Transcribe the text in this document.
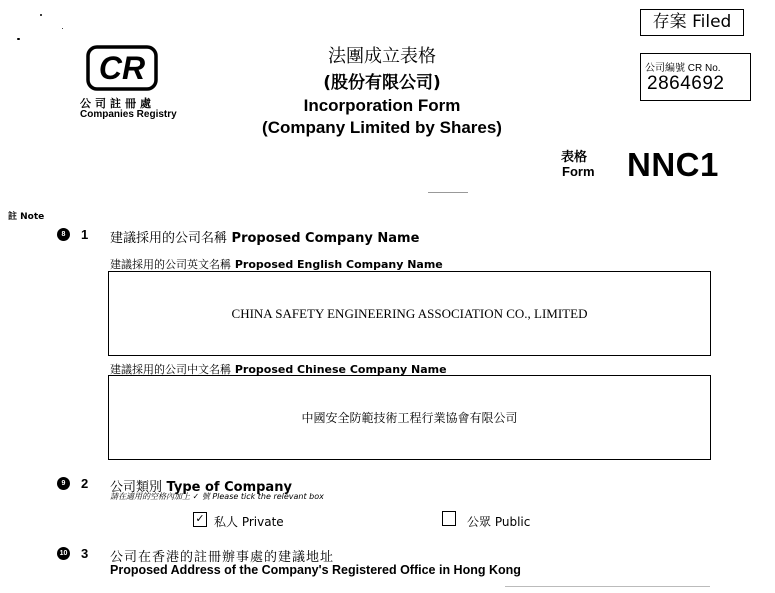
CR
公司註冊處
Companies Registry
法團成立表格
(股份有限公司)
Incorporation Form
(Company Limited by Shares)
存案 Filed
公司編號 CR No.
2864692
表格
Form NNC1
註 Note
8	1 建議採用的公司名稱 Proposed Company Name
建議採用的公司英文名稱 Proposed English Company Name
CHINA SAFETY ENGINEERING ASSOCIATION CO., LIMITED
建議採用的公司中文名稱 Proposed Chinese Company Name
中國安全防範技術工程行業協會有限公司
9	2 公司類別 Type of Company
請在適用的空格內加上 ✓ 號 Please tick the relevant box
✓ 私人 Private	公眾 Public
10 3 公司在香港的註冊辦事處的建議地址
Proposed Address of the Company's Registered Office in Hong Kong
